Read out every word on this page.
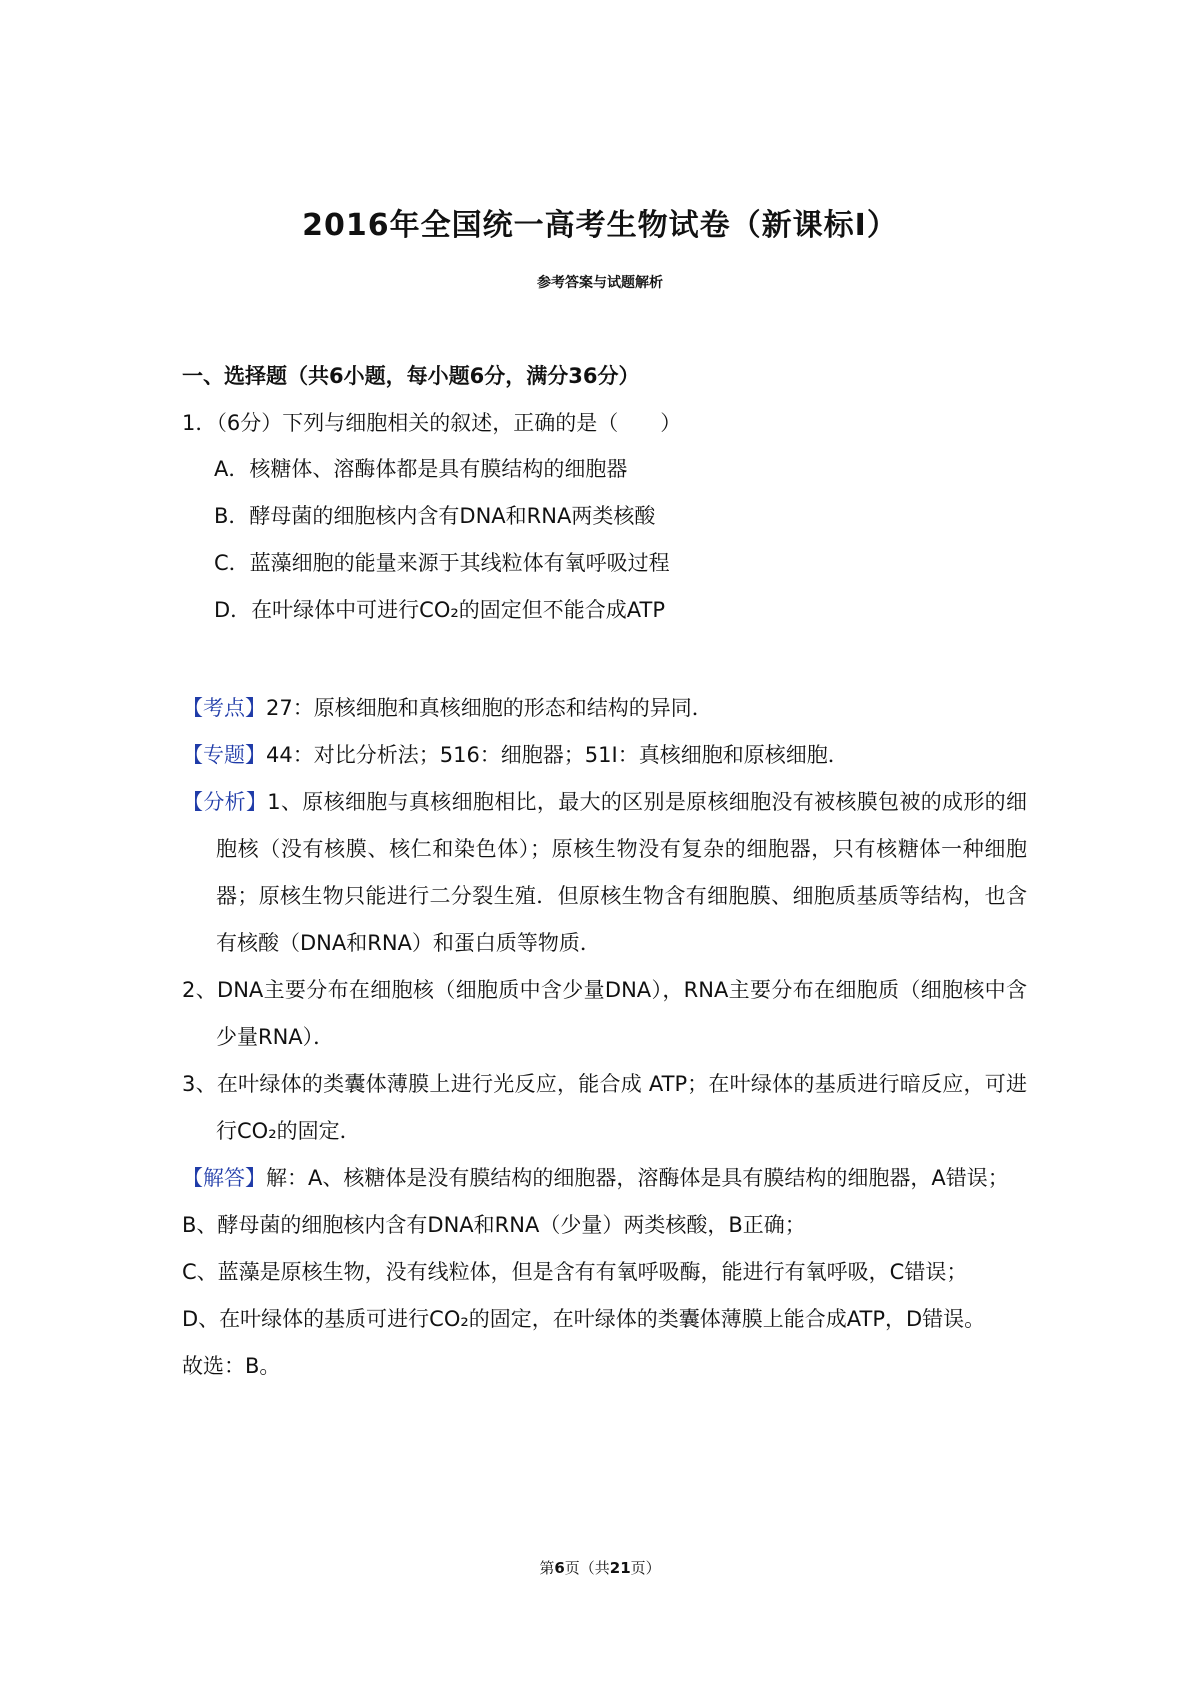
2016年全国统一高考生物试卷（新课标Ⅰ）
参考答案与试题解析
一、选择题（共6小题，每小题6分，满分36分）
1．（6分）下列与细胞相关的叙述，正确的是（　　）
A．核糖体、溶酶体都是具有膜结构的细胞器
B．酵母菌的细胞核内含有DNA和RNA两类核酸
C．蓝藻细胞的能量来源于其线粒体有氧呼吸过程
D．在叶绿体中可进行CO₂的固定但不能合成ATP
【考点】27：原核细胞和真核细胞的形态和结构的异同．
【专题】44：对比分析法；516：细胞器；51I：真核细胞和原核细胞．
【分析】1、原核细胞与真核细胞相比，最大的区别是原核细胞没有被核膜包被的成形的细胞核（没有核膜、核仁和染色体）；原核生物没有复杂的细胞器，只有核糖体一种细胞器；原核生物只能进行二分裂生殖．但原核生物含有细胞膜、细胞质基质等结构，也含有核酸（DNA和RNA）和蛋白质等物质．
2、DNA主要分布在细胞核（细胞质中含少量DNA），RNA主要分布在细胞质（细胞核中含少量RNA）．
3、在叶绿体的类囊体薄膜上进行光反应，能合成 ATP；在叶绿体的基质进行暗反应，可进行CO₂的固定．
【解答】解：A、核糖体是没有膜结构的细胞器，溶酶体是具有膜结构的细胞器，A错误；
B、酵母菌的细胞核内含有DNA和RNA（少量）两类核酸，B正确；
C、蓝藻是原核生物，没有线粒体，但是含有有氧呼吸酶，能进行有氧呼吸，C错误；
D、在叶绿体的基质可进行CO₂的固定，在叶绿体的类囊体薄膜上能合成ATP，D错误。
故选：B。
第6页（共21页）
